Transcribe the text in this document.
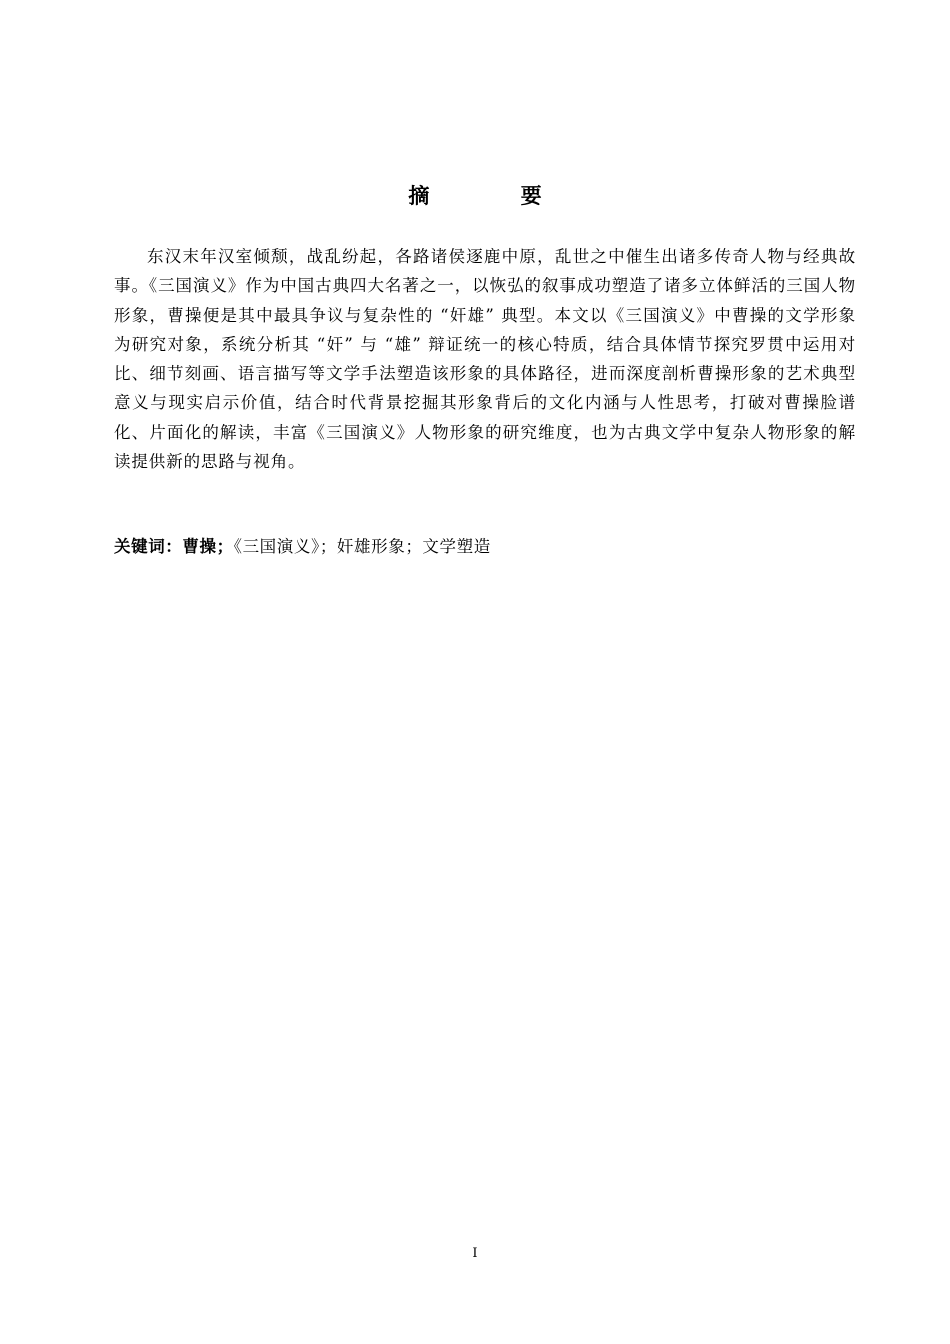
摘 要

东汉末年汉室倾颓，战乱纷起，各路诸侯逐鹿中原，乱世之中催生出诸多传奇人物与经典故事。《三国演义》作为中国古典四大名著之一，以恢弘的叙事成功塑造了诸多立体鲜活的三国人物形象，曹操便是其中最具争议与复杂性的 “奸雄” 典型。本文以《三国演义》中曹操的文学形象为研究对象，系统分析其 “奸” 与 “雄” 辩证统一的核心特质，结合具体情节探究罗贯中运用对比、细节刻画、语言描写等文学手法塑造该形象的具体路径，进而深度剖析曹操形象的艺术典型意义与现实启示价值，结合时代背景挖掘其形象背后的文化内涵与人性思考，打破对曹操脸谱化、片面化的解读，丰富《三国演义》人物形象的研究维度，也为古典文学中复杂人物形象的解读提供新的思路与视角。

关键词：曹操；《三国演义》；奸雄形象；文学塑造
I
